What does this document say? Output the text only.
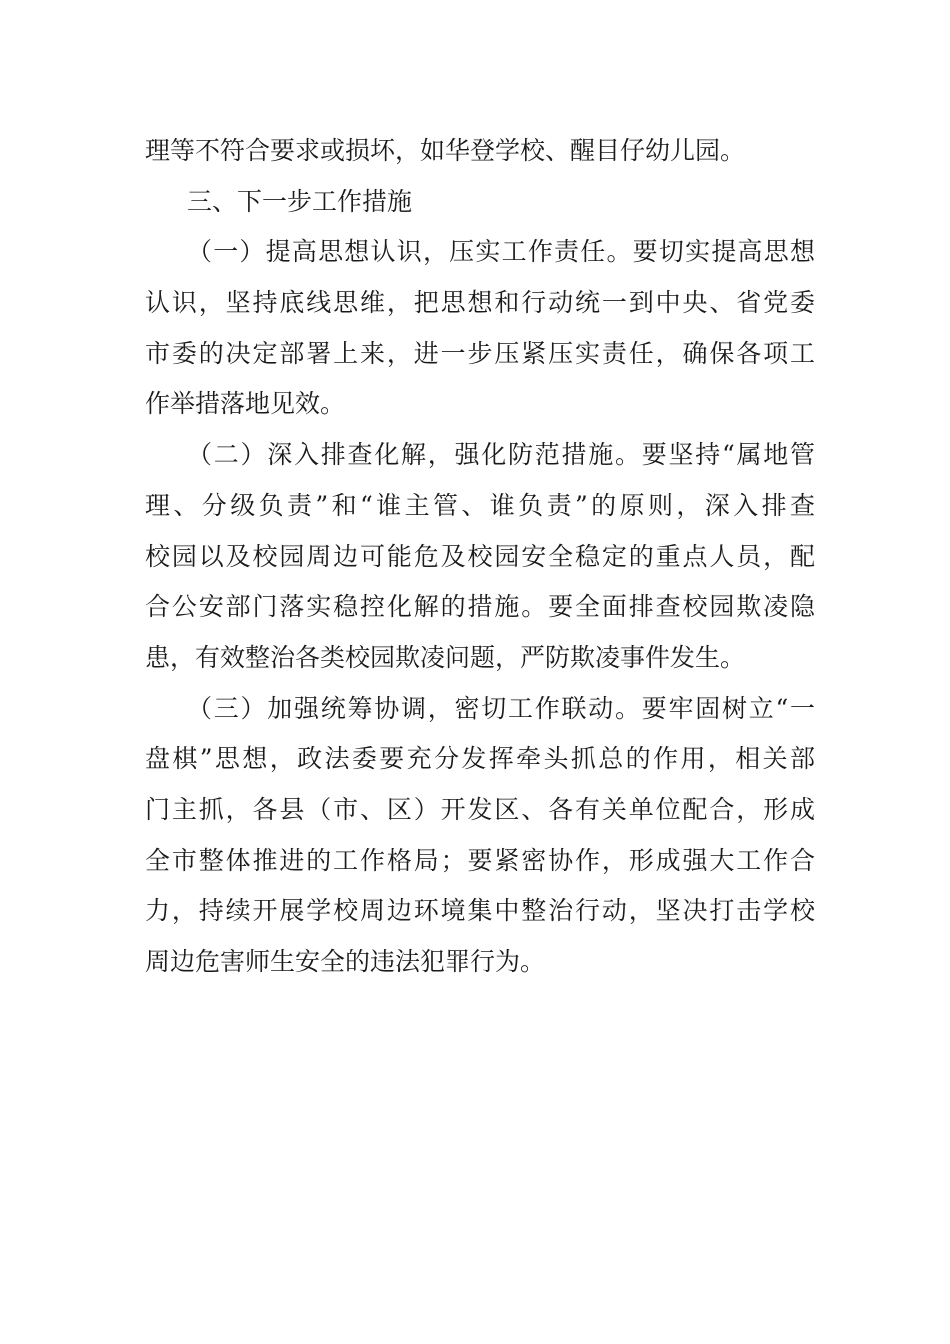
理等不符合要求或损坏，如华登学校、醒目仔幼儿园。
三、下一步工作措施
（一）提高思想认识，压实工作责任。要切实提高思想
认识，坚持底线思维，把思想和行动统一到中央、省党委
市委的决定部署上来，进一步压紧压实责任，确保各项工
作举措落地见效。
（二）深入排查化解，强化防范措施。要坚持“属地管
理、分级负责”和“谁主管、谁负责”的原则，深入排查
校园以及校园周边可能危及校园安全稳定的重点人员，配
合公安部门落实稳控化解的措施。要全面排查校园欺凌隐
患，有效整治各类校园欺凌问题，严防欺凌事件发生。
（三）加强统筹协调，密切工作联动。要牢固树立“一
盘棋”思想，政法委要充分发挥牵头抓总的作用，相关部
门主抓，各县（市、区）开发区、各有关单位配合，形成
全市整体推进的工作格局；要紧密协作，形成强大工作合
力，持续开展学校周边环境集中整治行动，坚决打击学校
周边危害师生安全的违法犯罪行为。
